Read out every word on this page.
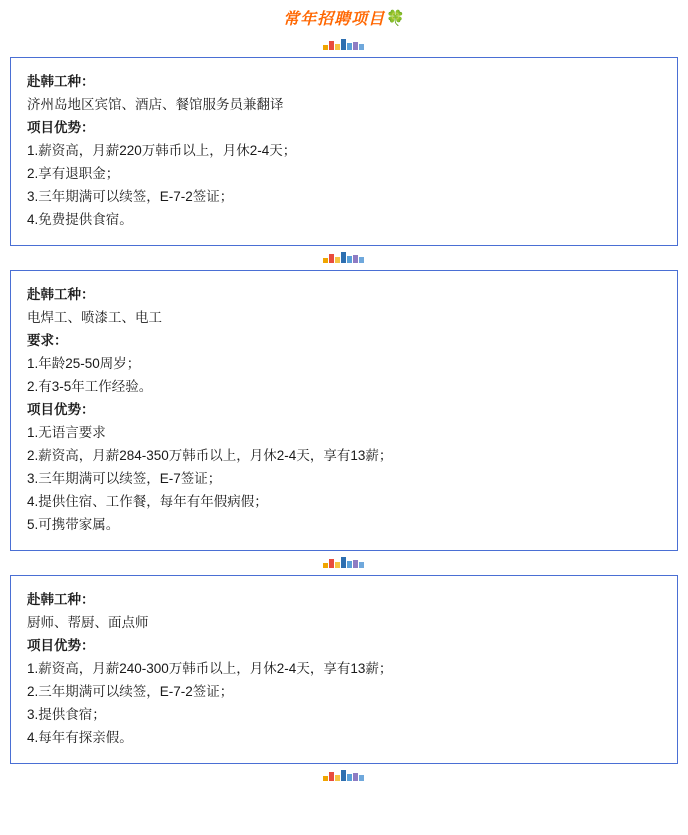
常年招聘项目🍀
赴韩工种：
济州岛地区宾馆、酒店、餐馆服务员兼翻译
项目优势：
1.薪资高，月薪220万韩币以上，月休2-4天；
2.享有退职金；
3.三年期满可以续签，E-7-2签证；
4.免费提供食宿。
赴韩工种：
电焊工、喷漆工、电工
要求：
1.年龄25-50周岁；
2.有3-5年工作经验。
项目优势：
1.无语言要求
2.薪资高，月薪284-350万韩币以上，月休2-4天，享有13薪；
3.三年期满可以续签，E-7签证；
4.提供住宿、工作餐，每年有年假病假；
5.可携带家属。
赴韩工种：
厨师、帮厨、面点师
项目优势：
1.薪资高，月薪240-300万韩币以上，月休2-4天，享有13薪；
2.三年期满可以续签，E-7-2签证；
3.提供食宿；
4.每年有探亲假。
